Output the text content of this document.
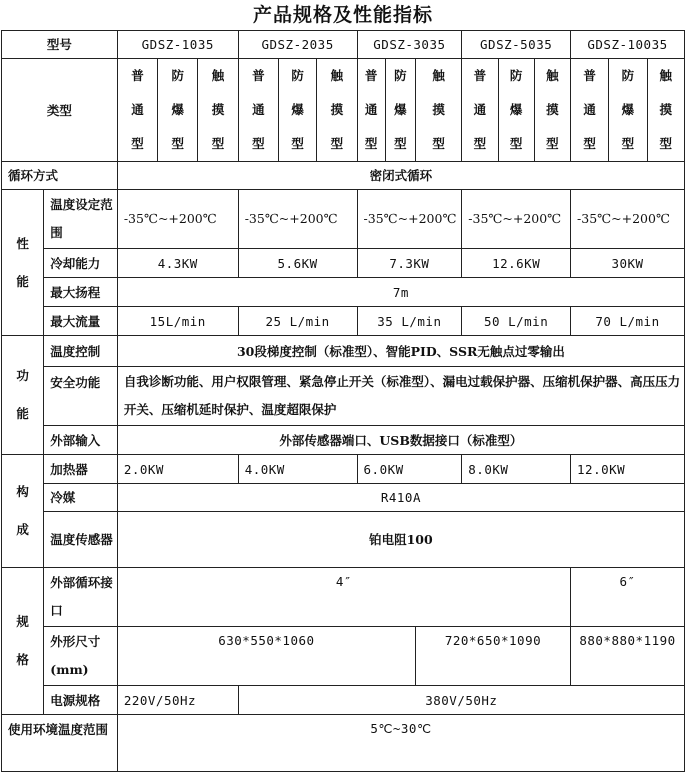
产品规格及性能指标
型号		GDSZ-1035			GDSZ-2035			GDSZ-3035			GDSZ-5035			GDSZ-10035		
类型		普通型	防爆型	触摸型	普通型	防爆型	触摸型	普通型	防爆型	触摸型	普通型	防爆型	触摸型	普通型	防爆型	触摸型
循环方式		密闭式循环														
性能	温度设定范围	-35℃~+200℃			-35℃~+200℃			-35℃~+200℃			-35℃~+200℃			-35℃~+200℃		
	冷却能力	4.3KW			5.6KW			7.3KW			12.6KW			30KW		
	最大扬程	7m														
	最大流量	15L/min			25 L/min			35 L/min			50 L/min			70 L/min		
功能	温度控制	30段梯度控制（标准型）、智能PID、SSR无触点过零输出														
	安全功能	自我诊断功能、用户权限管理、紧急停止开关（标准型）、漏电过载保护器、压缩机保护器、高压压力开关、压缩机延时保护、温度超限保护														
	外部输入	外部传感器端口、USB数据接口（标准型）														
构成	加热器	2.0KW			4.0KW			6.0KW			8.0KW			12.0KW		
	冷媒	R410A														
	温度传感器	铂电阻100														
规格	外部循环接口	4″												6″		
	外形尺寸(mm)	630*550*1060								720*650*1090				880*880*1190		
	电源规格	220V/50Hz			380V/50Hz											
使用环境温度范围		5℃~30℃														
